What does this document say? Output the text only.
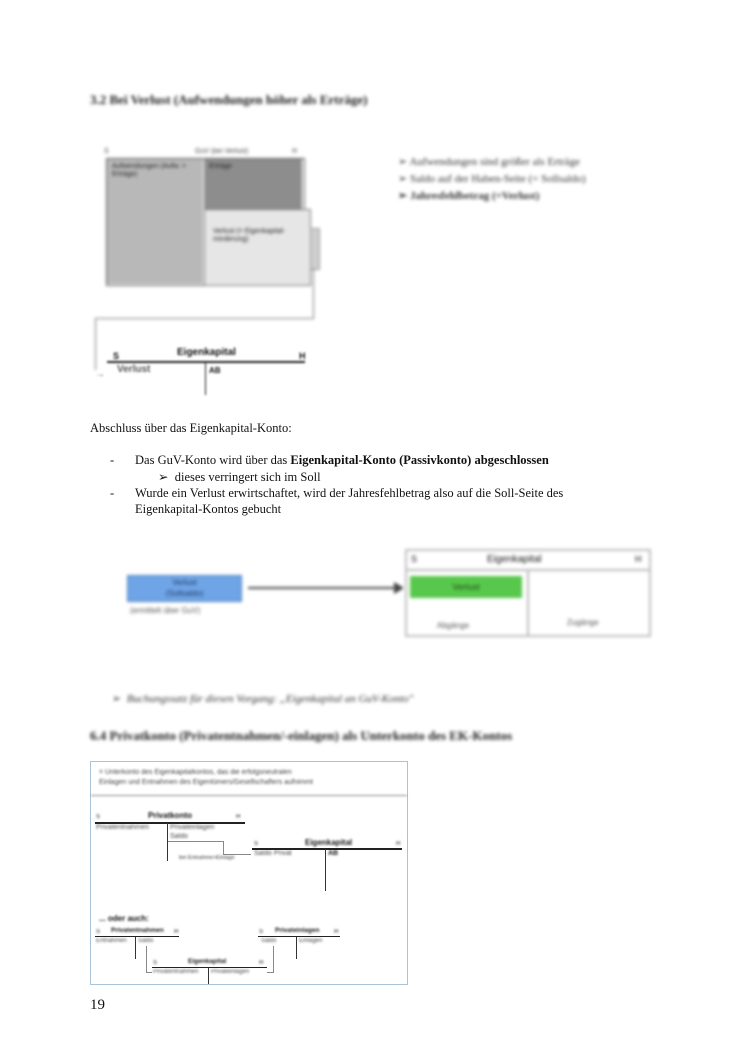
3.2 Bei Verlust (Aufwendungen höher als Erträge)
S	GuV (bei Verlust)	H
Aufwendungen (Aufw. > Erträge)
Erträge
Verlust (= Eigenkapital-minderung)
S	Eigenkapital	H
→ Verlust	AB
➢ Aufwendungen sind größer als Erträge
➢ Saldo auf der Haben-Seite (= Sollsaldo)
➢ Jahresfehlbetrag (=Verlust)
Abschluss über das Eigenkapital-Konto:
- Das GuV-Konto wird über das Eigenkapital-Konto (Passivkonto) abgeschlossen
➢  dieses verringert sich im Soll
- Wurde ein Verlust erwirtschaftet, wird der Jahresfehlbetrag also auf die Soll-Seite des
Eigenkapital-Kontos gebucht
Verlust
(Sollsaldo)
(ermittelt über GuV)
S	Eigenkapital	H
Verlust
Abgänge	Zugänge
➢  Buchungssatz für diesen Vorgang: „Eigenkapital an GuV-Konto"
6.4 Privatkonto (Privatentnahmen/-einlagen) als Unterkonto des EK-Kontos
= Unterkonto des Eigenkapitalkontos, das die erfolgsneutralen
Einlagen und Entnahmen des Eigentümers/Gesellschafters aufnimmt
S	Privatkonto	H
Privatentnahmen	Privateinlagen
Saldo
bei Entnahme>Einlage
S	Eigenkapital	H
Saldo Privat	AB
... oder auch:
S Privatentnahmen H
Entnahmen Saldo
S Privateinlagen H
Saldo	Einlagen
S	Eigenkapital	H
Privatentnahmen Privateinlagen
19
